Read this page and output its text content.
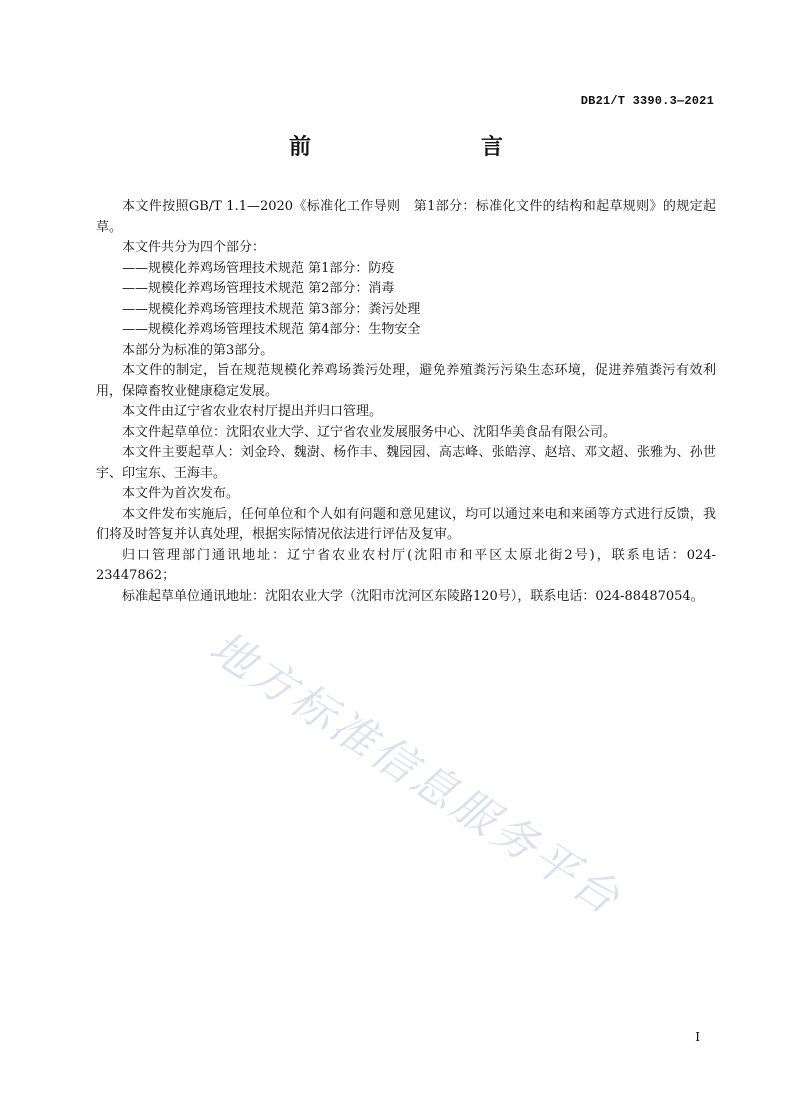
DB21/T 3390.3—2021
前　　言

本文件按照GB/T 1.1—2020《标准化工作导则　第1部分：标准化文件的结构和起草规则》的规定起草。

本文件共分为四个部分：

——规模化养鸡场管理技术规范 第1部分：防疫

——规模化养鸡场管理技术规范 第2部分：消毒

——规模化养鸡场管理技术规范 第3部分：粪污处理

——规模化养鸡场管理技术规范 第4部分：生物安全

本部分为标准的第3部分。

本文件的制定，旨在规范规模化养鸡场粪污处理，避免养殖粪污污染生态环境，促进养殖粪污有效利用，保障畜牧业健康稳定发展。

本文件由辽宁省农业农村厅提出并归口管理。

本文件起草单位：沈阳农业大学、辽宁省农业发展服务中心、沈阳华美食品有限公司。

本文件主要起草人：刘金玲、魏澍、杨作丰、魏园园、高志峰、张皓淳、赵培、邓文超、张雅为、孙世宇、印宝东、王海丰。

本文件为首次发布。

本文件发布实施后，任何单位和个人如有问题和意见建议，均可以通过来电和来函等方式进行反馈，我们将及时答复并认真处理，根据实际情况依法进行评估及复审。

归口管理部门通讯地址：辽宁省农业农村厅(沈阳市和平区太原北街2号)，联系电话：024-23447862；

标准起草单位通讯地址：沈阳农业大学（沈阳市沈河区东陵路120号），联系电话：024-88487054。

地方标准信息服务平台
I
